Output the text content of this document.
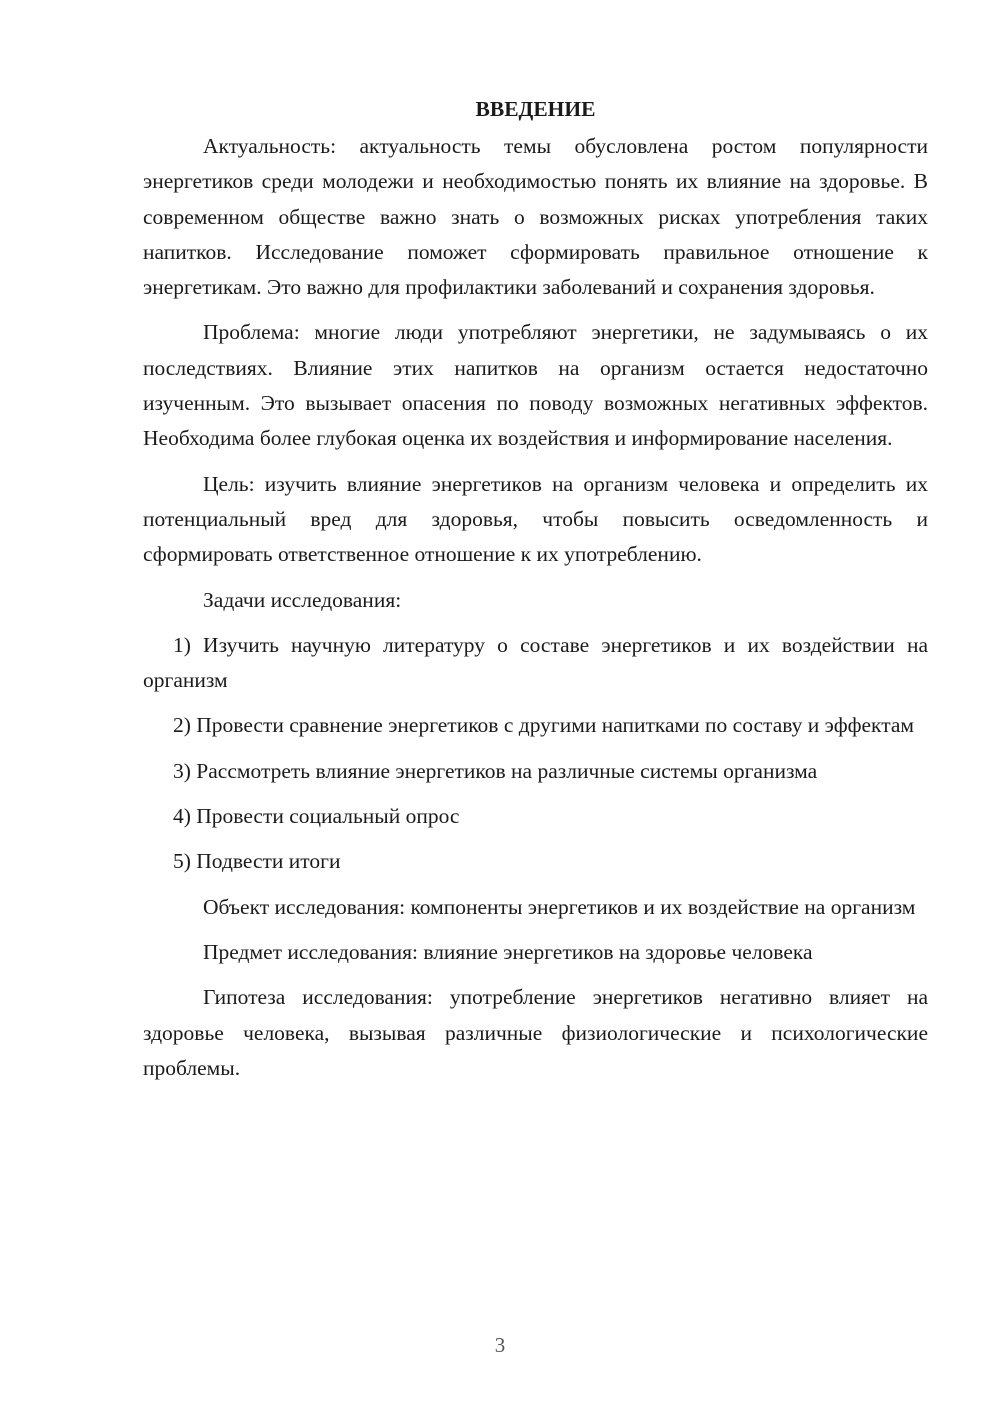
ВВЕДЕНИЕ

Актуальность: актуальность темы обусловлена ростом популярности энергетиков среди молодежи и необходимостью понять их влияние на здоровье. В современном обществе важно знать о возможных рисках употребления таких напитков. Исследование поможет сформировать правильное отношение к энергетикам. Это важно для профилактики заболеваний и сохранения здоровья.

Проблема: многие люди употребляют энергетики, не задумываясь о их последствиях. Влияние этих напитков на организм остается недостаточно изученным. Это вызывает опасения по поводу возможных негативных эффектов. Необходима более глубокая оценка их воздействия и информирование населения.

Цель: изучить влияние энергетиков на организм человека и определить их потенциальный вред для здоровья, чтобы повысить осведомленность и сформировать ответственное отношение к их употреблению.

Задачи исследования:

1) Изучить научную литературу о составе энергетиков и их воздействии на организм

2) Провести сравнение энергетиков с другими напитками по составу и эффектам

3) Рассмотреть влияние энергетиков на различные системы организма

4) Провести социальный опрос

5) Подвести итоги

Объект исследования: компоненты энергетиков и их воздействие на организм

Предмет исследования: влияние энергетиков на здоровье человека

Гипотеза исследования: употребление энергетиков негативно влияет на здоровье человека, вызывая различные физиологические и психологические проблемы.

3
